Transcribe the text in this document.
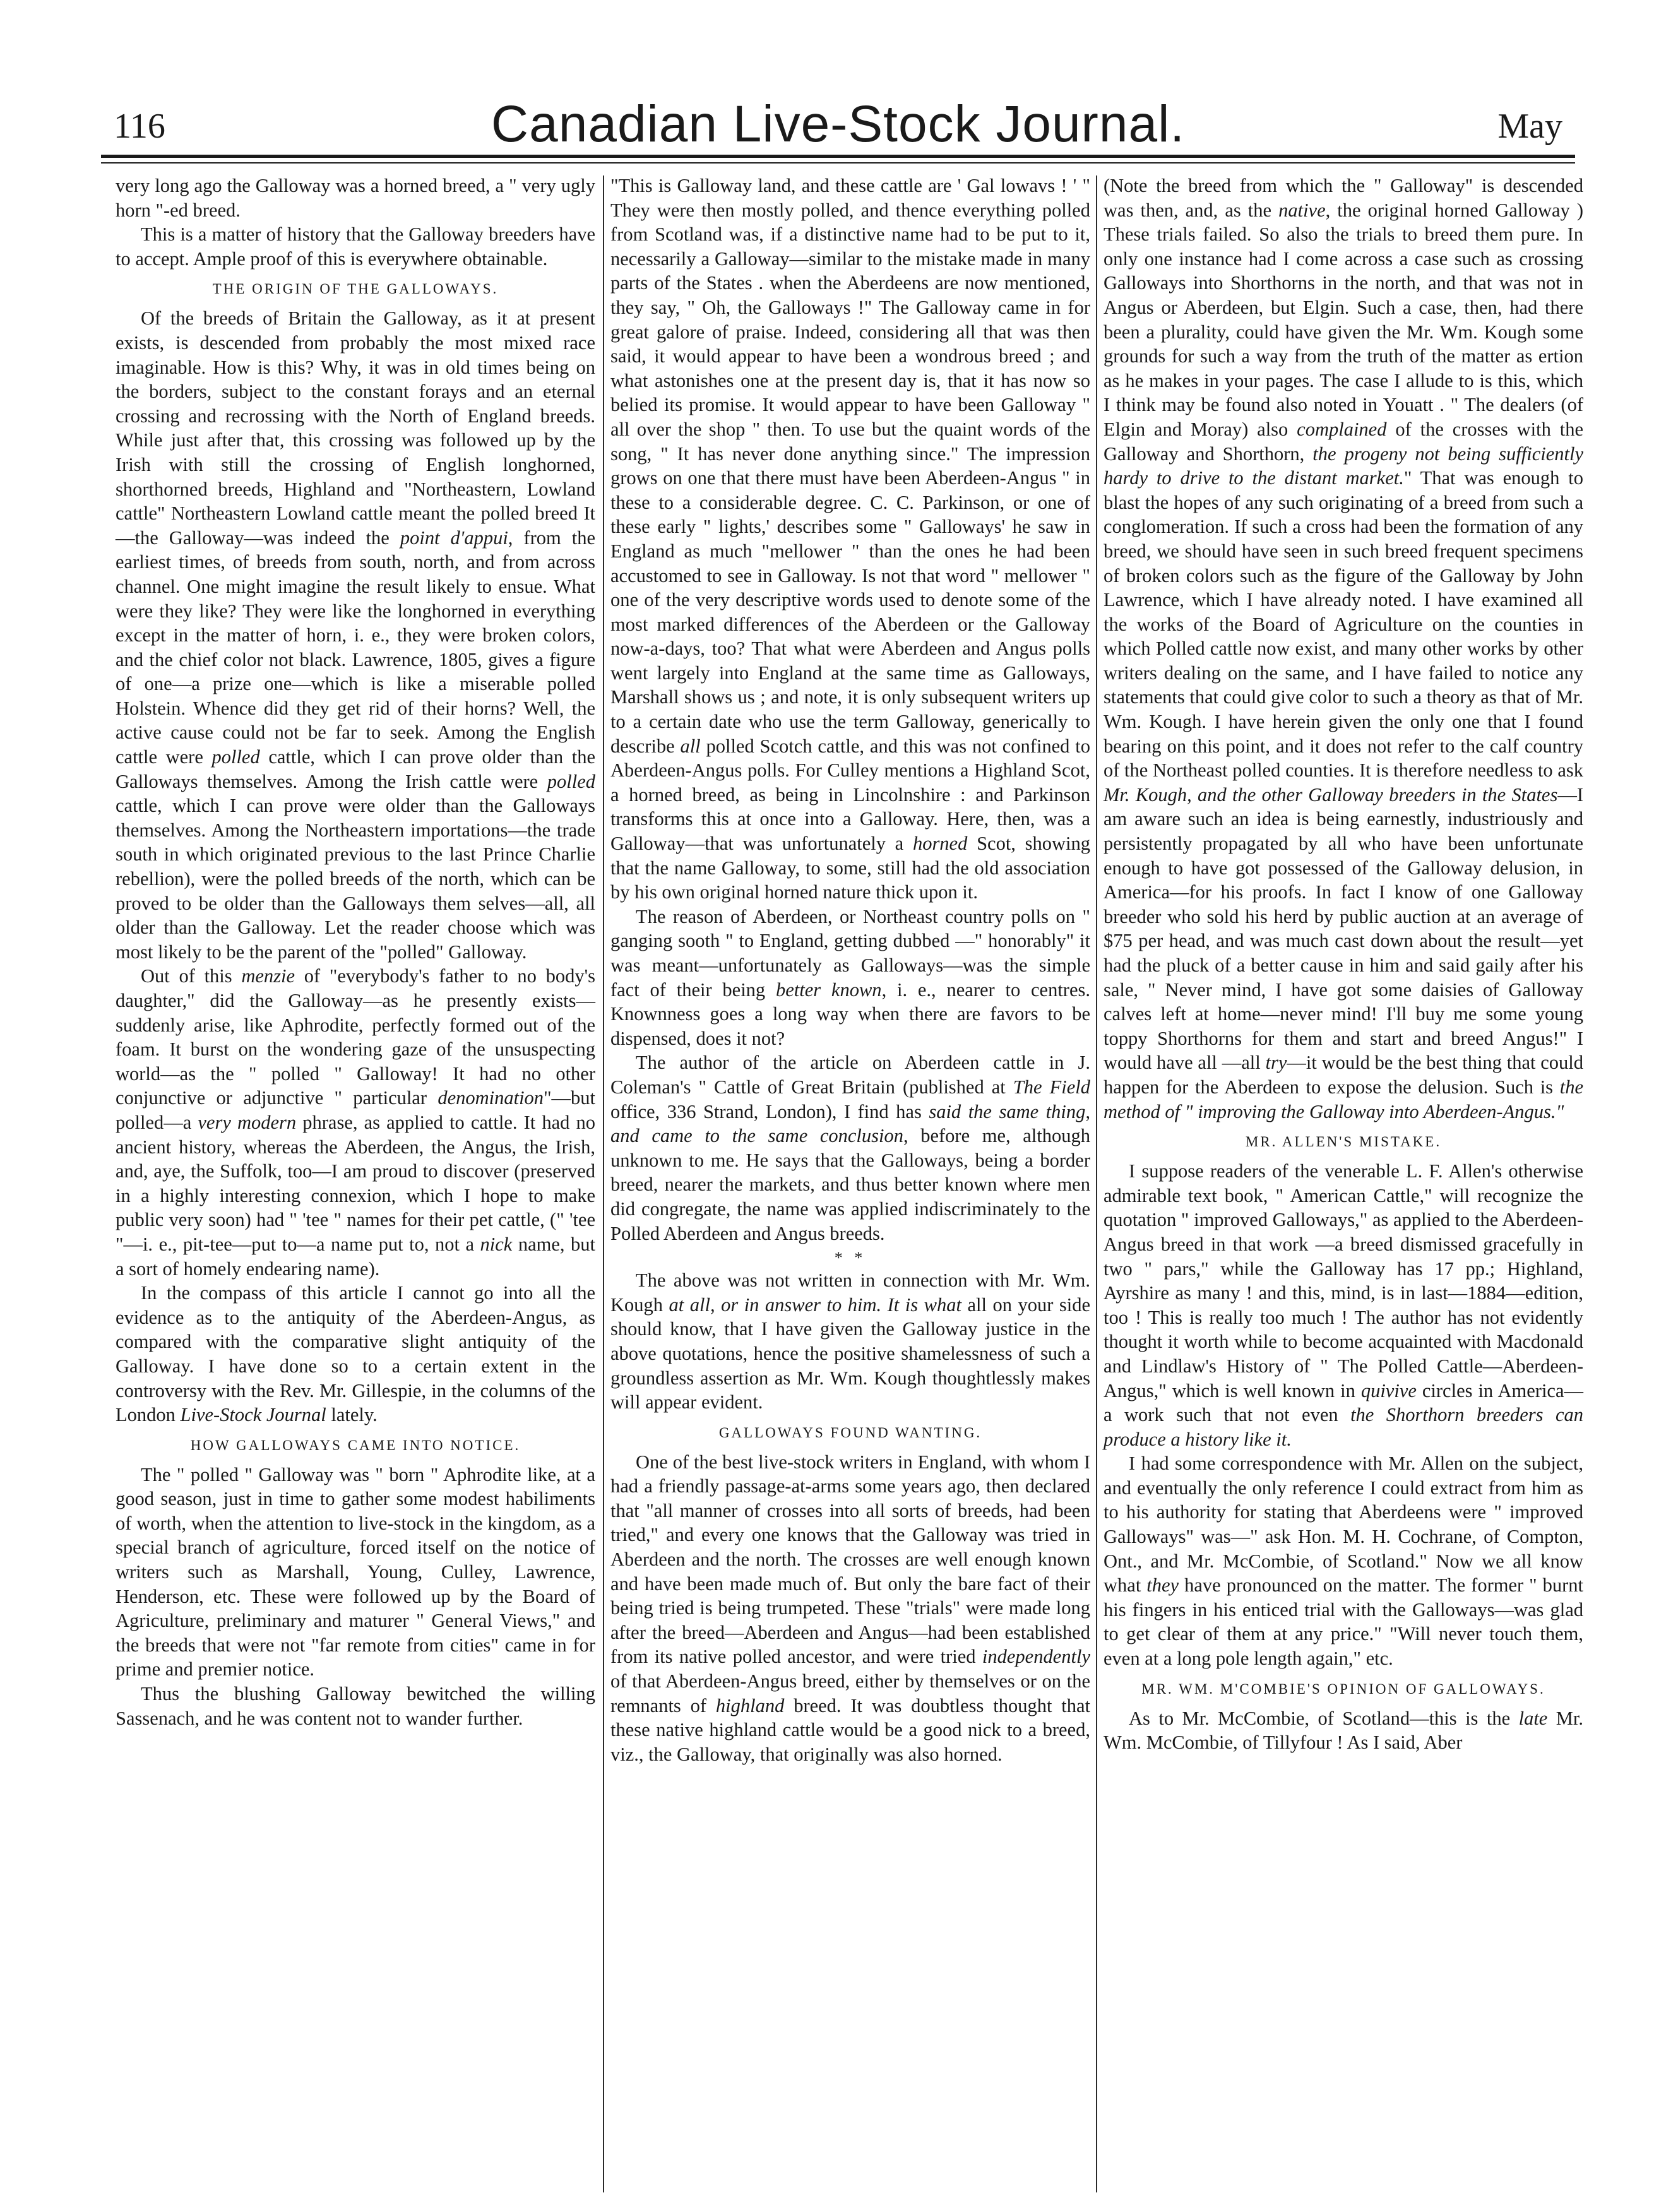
116	Canadian Live-Stock Journal.	May

very long ago the Galloway was a horned breed, a " very ugly horn "-ed breed.

This is a matter of history that the Galloway breeders have to accept. Ample proof of this is everywhere obtainable.

THE ORIGIN OF THE GALLOWAYS.

Of the breeds of Britain the Galloway, as it at present exists, is descended from probably the most mixed race imaginable. How is this? Why, it was in old times being on the borders, subject to the constant forays and an eternal crossing and recrossing with the North of England breeds. While just after that, this crossing was followed up by the Irish with still the crossing of English longhorned, shorthorned breeds, Highland and "Northeastern, Lowland cattle" Northeastern Lowland cattle meant the polled breed It—the Galloway—was indeed the point d'appui, from the earliest times, of breeds from south, north, and from across channel. One might imagine the result likely to ensue. What were they like? They were like the longhorned in everything except in the matter of horn, i. e., they were broken colors, and the chief color not black. Lawrence, 1805, gives a figure of one—a prize one—which is like a miserable polled Holstein. Whence did they get rid of their horns? Well, the active cause could not be far to seek. Among the English cattle were polled cattle, which I can prove older than the Galloways themselves. Among the Irish cattle were polled cattle, which I can prove were older than the Galloways themselves. Among the Northeastern importations—the trade south in which originated previous to the last Prince Charlie rebellion), were the polled breeds of the north, which can be proved to be older than the Galloways them selves—all, all older than the Galloway. Let the reader choose which was most likely to be the parent of the "polled" Galloway.

Out of this menzie of "everybody's father to no body's daughter," did the Galloway—as he presently exists—suddenly arise, like Aphrodite, perfectly formed out of the foam. It burst on the wondering gaze of the unsuspecting world—as the " polled " Galloway! It had no other conjunctive or adjunctive " particular denomination"—but polled—a very modern phrase, as applied to cattle. It had no ancient history, whereas the Aberdeen, the Angus, the Irish, and, aye, the Suffolk, too—I am proud to discover (preserved in a highly interesting connexion, which I hope to make public very soon) had " 'tee " names for their pet cattle, (" 'tee "—i. e., pit-tee—put to—a name put to, not a nick name, but a sort of homely endearing name).

In the compass of this article I cannot go into all the evidence as to the antiquity of the Aberdeen-Angus, as compared with the comparative slight antiquity of the Galloway. I have done so to a certain extent in the controversy with the Rev. Mr. Gillespie, in the columns of the London Live-Stock Journal lately.

HOW GALLOWAYS CAME INTO NOTICE.

The " polled " Galloway was " born " Aphrodite like, at a good season, just in time to gather some modest habiliments of worth, when the attention to live-stock in the kingdom, as a special branch of agriculture, forced itself on the notice of writers such as Marshall, Young, Culley, Lawrence, Henderson, etc. These were followed up by the Board of Agriculture, preliminary and maturer " General Views," and the breeds that were not "far remote from cities" came in for prime and premier notice.

Thus the blushing Galloway bewitched the willing Sassenach, and he was content not to wander further.

"This is Galloway land, and these cattle are ' Gal lowavs ! ' " They were then mostly polled, and thence everything polled from Scotland was, if a distinctive name had to be put to it, necessarily a Galloway—similar to the mistake made in many parts of the States . when the Aberdeens are now mentioned, they say, " Oh, the Galloways !" The Galloway came in for great galore of praise. Indeed, considering all that was then said, it would appear to have been a wondrous breed ; and what astonishes one at the present day is, that it has now so belied its promise. It would appear to have been Galloway " all over the shop " then. To use but the quaint words of the song, " It has never done anything since." The impression grows on one that there must have been Aberdeen-Angus " in these to a considerable degree. C. C. Parkinson, or one of these early " lights,' describes some " Galloways' he saw in England as much "mellower " than the ones he had been accustomed to see in Galloway. Is not that word " mellower " one of the very descriptive words used to denote some of the most marked differences of the Aberdeen or the Galloway now-a-days, too? That what were Aberdeen and Angus polls went largely into England at the same time as Galloways, Marshall shows us ; and note, it is only subsequent writers up to a certain date who use the term Galloway, generically to describe all polled Scotch cattle, and this was not confined to Aberdeen-Angus polls. For Culley mentions a Highland Scot, a horned breed, as being in Lincolnshire : and Parkinson transforms this at once into a Galloway. Here, then, was a Galloway—that was unfortunately a horned Scot, showing that the name Galloway, to some, still had the old association by his own original horned nature thick upon it.

The reason of Aberdeen, or Northeast country polls on " ganging sooth " to England, getting dubbed —" honorably" it was meant—unfortunately as Galloways—was the simple fact of their being better known, i. e., nearer to centres. Knownness goes a long way when there are favors to be dispensed, does it not?

The author of the article on Aberdeen cattle in J. Coleman's " Cattle of Great Britain (published at The Field office, 336 Strand, London), I find has said the same thing, and came to the same conclusion, before me, although unknown to me. He says that the Galloways, being a border breed, nearer the markets, and thus better known where men did congregate, the name was applied indiscriminately to the Polled Aberdeen and Angus breeds.

* *

The above was not written in connection with Mr. Wm. Kough at all, or in answer to him. It is what all on your side should know, that I have given the Galloway justice in the above quotations, hence the positive shamelessness of such a groundless assertion as Mr. Wm. Kough thoughtlessly makes will appear evident.

GALLOWAYS FOUND WANTING.

One of the best live-stock writers in England, with whom I had a friendly passage-at-arms some years ago, then declared that "all manner of crosses into all sorts of breeds, had been tried," and every one knows that the Galloway was tried in Aberdeen and the north. The crosses are well enough known and have been made much of. But only the bare fact of their being tried is being trumpeted. These "trials" were made long after the breed—Aberdeen and Angus—had been established from its native polled ancestor, and were tried independently of that Aberdeen-Angus breed, either by themselves or on the remnants of highland breed. It was doubtless thought that these native highland cattle would be a good nick to a breed, viz., the Galloway, that originally was also horned.

(Note the breed from which the " Galloway" is descended was then, and, as the native, the original horned Galloway ) These trials failed. So also the trials to breed them pure. In only one instance had I come across a case such as crossing Galloways into Shorthorns in the north, and that was not in Angus or Aberdeen, but Elgin. Such a case, then, had there been a plurality, could have given the Mr. Wm. Kough some grounds for such a way from the truth of the matter as ertion as he makes in your pages. The case I allude to is this, which I think may be found also noted in Youatt . " The dealers (of Elgin and Moray) also complained of the crosses with the Galloway and Shorthorn, the progeny not being sufficiently hardy to drive to the distant market." That was enough to blast the hopes of any such originating of a breed from such a conglomeration. If such a cross had been the formation of any breed, we should have seen in such breed frequent specimens of broken colors such as the figure of the Galloway by John Lawrence, which I have already noted. I have examined all the works of the Board of Agriculture on the counties in which Polled cattle now exist, and many other works by other writers dealing on the same, and I have failed to notice any statements that could give color to such a theory as that of Mr. Wm. Kough. I have herein given the only one that I found bearing on this point, and it does not refer to the calf country of the Northeast polled counties. It is therefore needless to ask Mr. Kough, and the other Galloway breeders in the States—I am aware such an idea is being earnestly, industriously and persistently propagated by all who have been unfortunate enough to have got possessed of the Galloway delusion, in America—for his proofs. In fact I know of one Galloway breeder who sold his herd by public auction at an average of $75 per head, and was much cast down about the result—yet had the pluck of a better cause in him and said gaily after his sale, " Never mind, I have got some daisies of Galloway calves left at home—never mind! I'll buy me some young toppy Shorthorns for them and start and breed Angus!" I would have all —all try—it would be the best thing that could happen for the Aberdeen to expose the delusion. Such is the method of " improving the Galloway into Aberdeen-Angus."

MR. ALLEN'S MISTAKE.

I suppose readers of the venerable L. F. Allen's otherwise admirable text book, " American Cattle," will recognize the quotation " improved Galloways," as applied to the Aberdeen-Angus breed in that work —a breed dismissed gracefully in two " pars," while the Galloway has 17 pp.; Highland, Ayrshire as many ! and this, mind, is in last—1884—edition, too ! This is really too much ! The author has not evidently thought it worth while to become acquainted with Macdonald and Lindlaw's History of " The Polled Cattle—Aberdeen-Angus," which is well known in quivive circles in America—a work such that not even the Shorthorn breeders can produce a history like it.

I had some correspondence with Mr. Allen on the subject, and eventually the only reference I could extract from him as to his authority for stating that Aberdeens were " improved Galloways" was—" ask Hon. M. H. Cochrane, of Compton, Ont., and Mr. McCombie, of Scotland." Now we all know what they have pronounced on the matter. The former " burnt his fingers in his enticed trial with the Galloways—was glad to get clear of them at any price." "Will never touch them, even at a long pole length again," etc.

MR. WM. M'COMBIE'S OPINION OF GALLOWAYS.

As to Mr. McCombie, of Scotland—this is the late Mr. Wm. McCombie, of Tillyfour ! As I said, Aber
